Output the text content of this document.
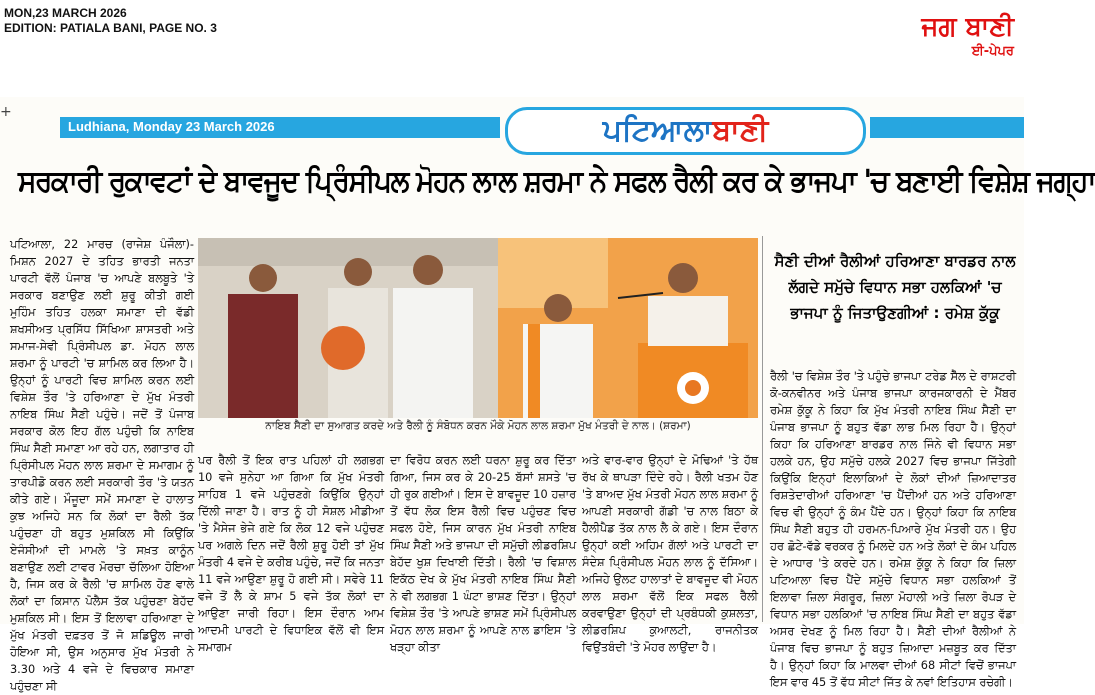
MON,23 MARCH 2026
EDITION: PATIALA BANI, PAGE NO. 3	ਜਗ ਬਾਣੀ
ਈ-ਪੇਪਰ
+
Ludhiana, Monday 23 March 2026	ਪਟਿਆਲਾਬਾਣੀ
ਸਰਕਾਰੀ ਰੁਕਾਵਟਾਂ ਦੇ ਬਾਵਜੂਦ ਪ੍ਰਿੰਸੀਪਲ ਮੋਹਨ ਲਾਲ ਸ਼ਰਮਾ ਨੇ ਸਫਲ ਰੈਲੀ ਕਰ ਕੇ ਭਾਜਪਾ 'ਚ ਬਣਾਈ ਵਿਸ਼ੇਸ਼ ਜਗ੍ਹਾ
ਪਟਿਆਲਾ, 22 ਮਾਰਚ (ਰਾਜੇਸ਼ ਪੰਜੌਲਾ)- ਮਿਸ਼ਨ 2027 ਦੇ ਤਹਿਤ ਭਾਰਤੀ ਜਨਤਾ ਪਾਰਟੀ ਵੱਲੋਂ ਪੰਜਾਬ 'ਚ ਆਪਣੇ ਬਲਬੂਤੇ 'ਤੇ ਸਰਕਾਰ ਬਣਾਉਣ ਲਈ ਸ਼ੁਰੂ ਕੀਤੀ ਗਈ ਮੁਹਿੰਮ ਤਹਿਤ ਹਲਕਾ ਸਮਾਣਾ ਦੀ ਵੱਡੀ ਸ਼ਖਸੀਅਤ ਪ੍ਰਸਿੱਧ ਸਿੱਖਿਆ ਸ਼ਾਸਤਰੀ ਅਤੇ ਸਮਾਜ-ਸੇਵੀ ਪ੍ਰਿੰਸੀਪਲ ਡਾ. ਮੋਹਨ ਲਾਲ ਸ਼ਰਮਾ ਨੂੰ ਪਾਰਟੀ 'ਚ ਸ਼ਾਮਿਲ ਕਰ ਲਿਆ ਹੈ। ਉਨ੍ਹਾਂ ਨੂੰ ਪਾਰਟੀ ਵਿਚ ਸ਼ਾਮਿਲ ਕਰਨ ਲਈ ਵਿਸ਼ੇਸ਼ ਤੌਰ 'ਤੇ ਹਰਿਆਣਾ ਦੇ ਮੁੱਖ ਮੰਤਰੀ ਨਾਇਬ ਸਿੰਘ ਸੈਣੀ ਪਹੁੰਚੇ। ਜਦੋਂ ਤੋਂ ਪੰਜਾਬ ਸਰਕਾਰ ਕੋਲ ਇਹ ਗੱਲ ਪਹੁੰਚੀ ਕਿ ਨਾਇਬ ਸਿੰਘ ਸੈਣੀ ਸਮਾਣਾ ਆ ਰਹੇ ਹਨ, ਲਗਾਤਾਰ ਹੀ ਪ੍ਰਿੰਸੀਪਲ ਮੋਹਨ ਲਾਲ ਸ਼ਰਮਾ ਦੇ ਸਮਾਗਮ ਨੂੰ ਤਾਰਪੀਡੋ ਕਰਨ ਲਈ ਸਰਕਾਰੀ ਤੌਰ 'ਤੇ ਯਤਨ ਕੀਤੇ ਗਏ। ਮੌਜੂਦਾ ਸਮੇਂ ਸਮਾਣਾ ਦੇ ਹਾਲਾਤ ਕੁਝ ਅਜਿਹੇ ਸਨ ਕਿ ਲੋਕਾਂ ਦਾ ਰੈਲੀ ਤੱਕ ਪਹੁੰਚਣਾ ਹੀ ਬਹੁਤ ਮੁਸ਼ਕਿਲ ਸੀ ਕਿਉਂਕਿ ਏਜੰਸੀਆਂ ਦੀ ਮਾਮਲੇ 'ਤੇ ਸਖ਼ਤ ਕਾਨੂੰਨ ਬਣਾਉਣ ਲਈ ਟਾਵਰ ਮੋਰਚਾ ਚੱਲਿਆ ਹੋਇਆ ਹੈ, ਜਿਸ ਕਰ ਕੇ ਰੈਲੀ 'ਚ ਸ਼ਾਮਿਲ ਹੋਣ ਵਾਲੇ ਲੋਕਾਂ ਦਾ ਕਿਸਾਨ ਪੋਲੈਸ ਤੱਕ ਪਹੁੰਚਣਾ ਬੇਹੱਦ ਮੁਸ਼ਕਿਲ ਸੀ। ਇਸ ਤੋਂ ਇਲਾਵਾ ਹਰਿਆਣਾ ਦੇ ਮੁੱਖ ਮੰਤਰੀ ਦਫ਼ਤਰ ਤੋਂ ਜੋ ਸ਼ਡਿਊਲ ਜਾਰੀ ਹੋਇਆ ਸੀ, ਉਸ ਅਨੁਸਾਰ ਮੁੱਖ ਮੰਤਰੀ ਨੇ 3.30 ਅਤੇ 4 ਵਜੇ ਦੇ ਵਿਚਕਾਰ ਸਮਾਣਾ ਪਹੁੰਚਣਾ ਸੀ
ਨਾਇਬ ਸੈਣੀ ਦਾ ਸੁਆਗਤ ਕਰਦੇ ਅਤੇ ਰੈਲੀ ਨੂੰ ਸੰਬੋਧਨ ਕਰਨ ਮੌਕੇ ਮੋਹਨ ਲਾਲ ਸ਼ਰਮਾ ਮੁੱਖ ਮੰਤਰੀ ਦੇ ਨਾਲ। (ਸ਼ਰਮਾ)
ਪਰ ਰੈਲੀ ਤੋਂ ਇਕ ਰਾਤ ਪਹਿਲਾਂ ਹੀ ਲਗਭਗ 10 ਵਜੇ ਸੁਨੇਹਾ ਆ ਗਿਆ ਕਿ ਮੁੱਖ ਮੰਤਰੀ ਸਾਹਿਬ 1 ਵਜੇ ਪਹੁੰਚਣਗੇ ਕਿਉਂਕਿ ਉਨ੍ਹਾਂ ਦਿੱਲੀ ਜਾਣਾ ਹੈ। ਰਾਤ ਨੂੰ ਹੀ ਸੋਸ਼ਲ ਮੀਡੀਆ 'ਤੇ ਮੈਸੇਜ ਭੇਜੇ ਗਏ ਕਿ ਲੋਕ 12 ਵਜੇ ਪਹੁੰਚਣ ਪਰ ਅਗਲੇ ਦਿਨ ਜਦੋਂ ਰੈਲੀ ਸ਼ੁਰੂ ਹੋਈ ਤਾਂ ਮੁੱਖ ਮੰਤਰੀ 4 ਵਜੇ ਦੇ ਕਰੀਬ ਪਹੁੰਚੇ, ਜਦੋਂ ਕਿ ਜਨਤਾ 11 ਵਜੇ ਆਉਣਾ ਸ਼ੁਰੂ ਹੋ ਗਈ ਸੀ। ਸਵੇਰੇ 11 ਵਜੇ ਤੋਂ ਲੈ ਕੇ ਸ਼ਾਮ 5 ਵਜੇ ਤੱਕ ਲੋਕਾਂ ਦਾ ਆਉਣਾ ਜਾਰੀ ਰਿਹਾ। ਇਸ ਦੌਰਾਨ ਆਮ ਆਦਮੀ ਪਾਰਟੀ ਦੇ ਵਿਧਾਇਕ ਵੱਲੋਂ ਵੀ ਇਸ ਸਮਾਗਮ
ਦਾ ਵਿਰੋਧ ਕਰਨ ਲਈ ਧਰਨਾ ਸ਼ੁਰੂ ਕਰ ਦਿੱਤਾ ਗਿਆ, ਜਿਸ ਕਰ ਕੇ 20-25 ਬੱਸਾਂ ਸ਼ਸਤੇ 'ਚ ਹੀ ਰੁਕ ਗਈਆਂ। ਇਸ ਦੇ ਬਾਵਜੂਦ 10 ਹਜ਼ਾਰ ਤੋਂ ਵੱਧ ਲੋਕ ਇਸ ਰੈਲੀ ਵਿਚ ਪਹੁੰਚਣ ਵਿਚ ਸਫਲ ਹੋਏ, ਜਿਸ ਕਾਰਨ ਮੁੱਖ ਮੰਤਰੀ ਨਾਇਬ ਸਿੰਘ ਸੈਣੀ ਅਤੇ ਭਾਜਪਾ ਦੀ ਸਮੁੱਚੀ ਲੀਡਰਸ਼ਿਪ ਬੇਹੱਦ ਖੁਸ਼ ਦਿਖਾਈ ਦਿੱਤੀ। ਰੈਲੀ 'ਚ ਵਿਸ਼ਾਲ ਇਕੱਠ ਦੇਖ ਕੇ ਮੁੱਖ ਮੰਤਰੀ ਨਾਇਬ ਸਿੰਘ ਸੈਣੀ ਨੇ ਵੀ ਲਗਭਗ 1 ਘੰਟਾ ਭਾਸ਼ਣ ਦਿੱਤਾ। ਉਨ੍ਹਾਂ ਵਿਸ਼ੇਸ਼ ਤੌਰ 'ਤੇ ਆਪਣੇ ਭਾਸ਼ਣ ਸਮੇਂ ਪ੍ਰਿੰਸੀਪਲ ਮੋਹਨ ਲਾਲ ਸ਼ਰਮਾ ਨੂੰ ਆਪਣੇ ਨਾਲ ਡਾਇਸ 'ਤੇ ਖੜ੍ਹਾ ਕੀਤਾ
ਅਤੇ ਵਾਰ-ਵਾਰ ਉਨ੍ਹਾਂ ਦੇ ਮੋਢਿਆਂ 'ਤੇ ਹੱਥ ਰੱਖ ਕੇ ਥਾਪੜਾ ਦਿੰਦੇ ਰਹੇ। ਰੈਲੀ ਖਤਮ ਹੋਣ 'ਤੇ ਬਾਅਦ ਮੁੱਖ ਮੰਤਰੀ ਮੋਹਨ ਲਾਲ ਸ਼ਰਮਾ ਨੂੰ ਆਪਣੀ ਸਰਕਾਰੀ ਗੱਡੀ 'ਚ ਨਾਲ ਬਿਠਾ ਕੇ ਹੈਲੀਪੈਡ ਤੱਕ ਨਾਲ ਲੈ ਕੇ ਗਏ। ਇਸ ਦੌਰਾਨ ਉਨ੍ਹਾਂ ਕਈ ਅਹਿਮ ਗੱਲਾਂ ਅਤੇ ਪਾਰਟੀ ਦਾ ਸੰਦੇਸ਼ ਪ੍ਰਿੰਸੀਪਲ ਮੋਹਨ ਲਾਲ ਨੂੰ ਦੱਸਿਆ। ਅਜਿਹੇ ਉਲਟ ਹਾਲਾਤਾਂ ਦੇ ਬਾਵਜੂਦ ਵੀ ਮੋਹਨ ਲਾਲ ਸ਼ਰਮਾ ਵੱਲੋਂ ਇਕ ਸਫਲ ਰੈਲੀ ਕਰਵਾਉਣਾ ਉਨ੍ਹਾਂ ਦੀ ਪ੍ਰਬੰਧਕੀ ਕੁਸ਼ਲਤਾ, ਲੀਡਰਸ਼ਿਪ ਕੁਆਲਟੀ, ਰਾਜਨੀਤਕ ਵਿਉਂਤਬੰਦੀ 'ਤੇ ਮੋਹਰ ਲਾਉਂਦਾ ਹੈ।
ਸੈਣੀ ਦੀਆਂ ਰੈਲੀਆਂ ਹਰਿਆਣਾ ਬਾਰਡਰ ਨਾਲ ਲੱਗਦੇ ਸਮੁੱਚੇ ਵਿਧਾਨ ਸਭਾ ਹਲਕਿਆਂ 'ਚ ਭਾਜਪਾ ਨੂੰ ਜਿਤਾਉਣਗੀਆਂ : ਰਮੇਸ਼ ਕੁੱਕੂ
ਰੈਲੀ 'ਚ ਵਿਸ਼ੇਸ਼ ਤੌਰ 'ਤੇ ਪਹੁੰਚੇ ਭਾਜਪਾ ਟਰੇਡ ਸੈੱਲ ਦੇ ਰਾਸ਼ਟਰੀ ਕੋ-ਕਨਵੀਨਰ ਅਤੇ ਪੰਜਾਬ ਭਾਜਪਾ ਕਾਰਜਕਾਰਨੀ ਦੇ ਮੈਂਬਰ ਰਮੇਸ਼ ਕੁੱਕੂ ਨੇ ਕਿਹਾ ਕਿ ਮੁੱਖ ਮੰਤਰੀ ਨਾਇਬ ਸਿੰਘ ਸੈਣੀ ਦਾ ਪੰਜਾਬ ਭਾਜਪਾ ਨੂੰ ਬਹੁਤ ਵੱਡਾ ਲਾਭ ਮਿਲ ਰਿਹਾ ਹੈ। ਉਨ੍ਹਾਂ ਕਿਹਾ ਕਿ ਹਰਿਆਣਾ ਬਾਰਡਰ ਨਾਲ ਜਿੰਨੇ ਵੀ ਵਿਧਾਨ ਸਭਾ ਹਲਕੇ ਹਨ, ਉਹ ਸਮੁੱਚੇ ਹਲਕੇ 2027 ਵਿਚ ਭਾਜਪਾ ਜਿੱਤੇਗੀ ਕਿਉਂਕਿ ਇਨ੍ਹਾਂ ਇਲਾਕਿਆਂ ਦੇ ਲੋਕਾਂ ਦੀਆਂ ਜ਼ਿਆਦਾਤਰ ਰਿਸ਼ਤੇਦਾਰੀਆਂ ਹਰਿਆਣਾ 'ਚ ਪੈਂਦੀਆਂ ਹਨ ਅਤੇ ਹਰਿਆਣਾ ਵਿਚ ਵੀ ਉਨ੍ਹਾਂ ਨੂੰ ਕੰਮ ਪੈਂਦੇ ਹਨ। ਉਨ੍ਹਾਂ ਕਿਹਾ ਕਿ ਨਾਇਬ ਸਿੰਘ ਸੈਣੀ ਬਹੁਤ ਹੀ ਹਰਮਨ-ਪਿਆਰੇ ਮੁੱਖ ਮੰਤਰੀ ਹਨ। ਉਹ ਹਰ ਛੋਟੇ-ਵੱਡੇ ਵਰਕਰ ਨੂੰ ਮਿਲਦੇ ਹਨ ਅਤੇ ਲੋਕਾਂ ਦੇ ਕੰਮ ਪਹਿਲ ਦੇ ਆਧਾਰ 'ਤੇ ਕਰਦੇ ਹਨ। ਰਮੇਸ਼ ਕੁੱਕੂ ਨੇ ਕਿਹਾ ਕਿ ਜ਼ਿਲਾ ਪਟਿਆਲਾ ਵਿਚ ਪੈਂਦੇ ਸਮੁੱਚੇ ਵਿਧਾਨ ਸਭਾ ਹਲਕਿਆਂ ਤੋਂ ਇਲਾਵਾ ਜ਼ਿਲਾ ਸੰਗਰੂਰ, ਜ਼ਿਲਾ ਮੋਹਾਲੀ ਅਤੇ ਜ਼ਿਲਾ ਰੋਪੜ ਦੇ ਵਿਧਾਨ ਸਭਾ ਹਲਕਿਆਂ 'ਚ ਨਾਇਬ ਸਿੰਘ ਸੈਣੀ ਦਾ ਬਹੁਤ ਵੱਡਾ ਅਸਰ ਦੇਖਣ ਨੂੰ ਮਿਲ ਰਿਹਾ ਹੈ। ਸੈਣੀ ਦੀਆਂ ਰੈਲੀਆਂ ਨੇ ਪੰਜਾਬ ਵਿਚ ਭਾਜਪਾ ਨੂੰ ਬਹੁਤ ਜ਼ਿਆਦਾ ਮਜ਼ਬੂਤ ਕਰ ਦਿੱਤਾ ਹੈ। ਉਨ੍ਹਾਂ ਕਿਹਾ ਕਿ ਮਾਲਵਾ ਦੀਆਂ 68 ਸੀਟਾਂ ਵਿਚੋਂ ਭਾਜਪਾ ਇਸ ਵਾਰ 45 ਤੋਂ ਵੱਧ ਸੀਟਾਂ ਜਿੱਤ ਕੇ ਨਵਾਂ ਇਤਿਹਾਸ ਰਚੇਗੀ।
